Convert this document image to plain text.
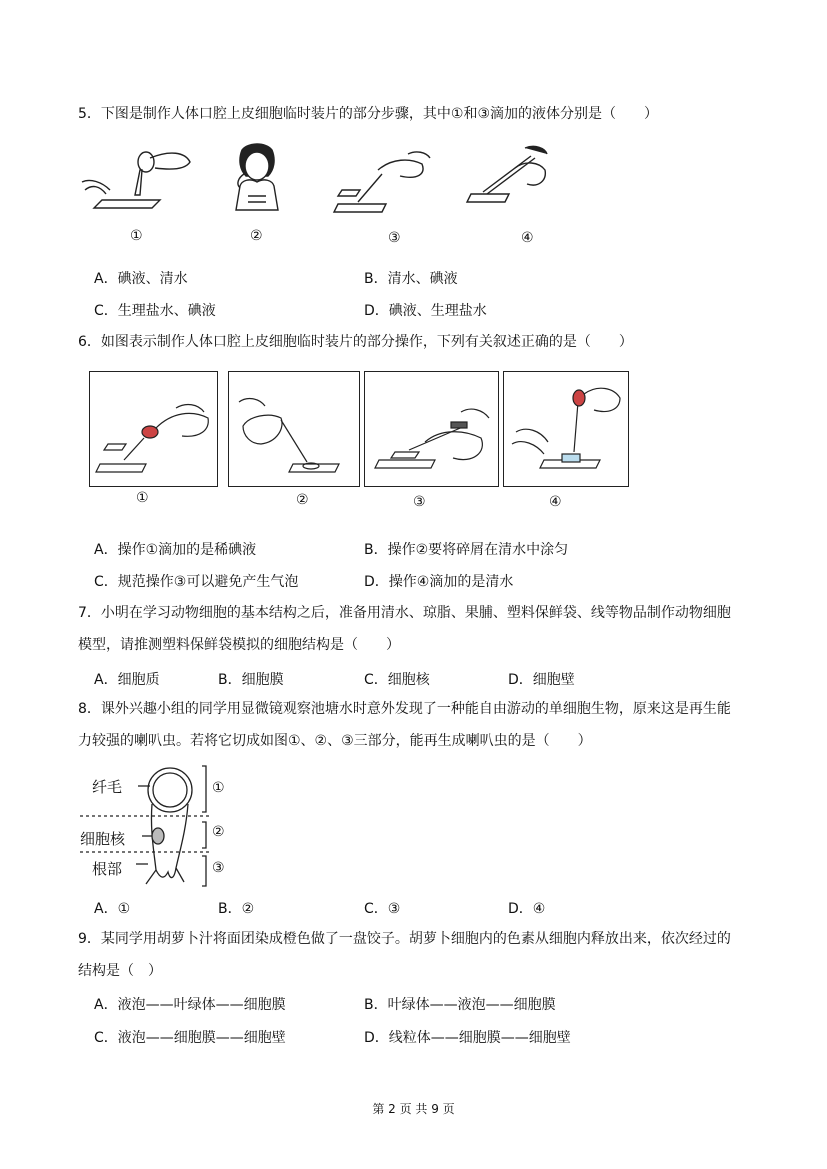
5．下图是制作人体口腔上皮细胞临时装片的部分步骤，其中①和③滴加的液体分别是（　　）
①	②	③	④
A．碘液、清水	B．清水、碘液
C．生理盐水、碘液	D．碘液、生理盐水
6．如图表示制作人体口腔上皮细胞临时装片的部分操作，下列有关叙述正确的是（　　）
①	②	③	④
A．操作①滴加的是稀碘液	B．操作②要将碎屑在清水中涂匀
C．规范操作③可以避免产生气泡	D．操作④滴加的是清水
7．小明在学习动物细胞的基本结构之后，准备用清水、琼脂、果脯、塑料保鲜袋、线等物品制作动物细胞
模型，请推测塑料保鲜袋模拟的细胞结构是（　　）
A．细胞质	B．细胞膜	C．细胞核	D．细胞壁
8．课外兴趣小组的同学用显微镜观察池塘水时意外发现了一种能自由游动的单细胞生物，原来这是再生能
力较强的喇叭虫。若将它切成如图①、②、③三部分，能再生成喇叭虫的是（　　）
纤毛
细胞核
根部
①
②
③
A．①	B．②	C．③	D．④
9．某同学用胡萝卜汁将面团染成橙色做了一盘饺子。胡萝卜细胞内的色素从细胞内释放出来，依次经过的
结构是（　）
A．液泡——叶绿体——细胞膜	B．叶绿体——液泡——细胞膜
C．液泡——细胞膜——细胞壁	D．线粒体——细胞膜——细胞壁
第 2 页 共 9 页
